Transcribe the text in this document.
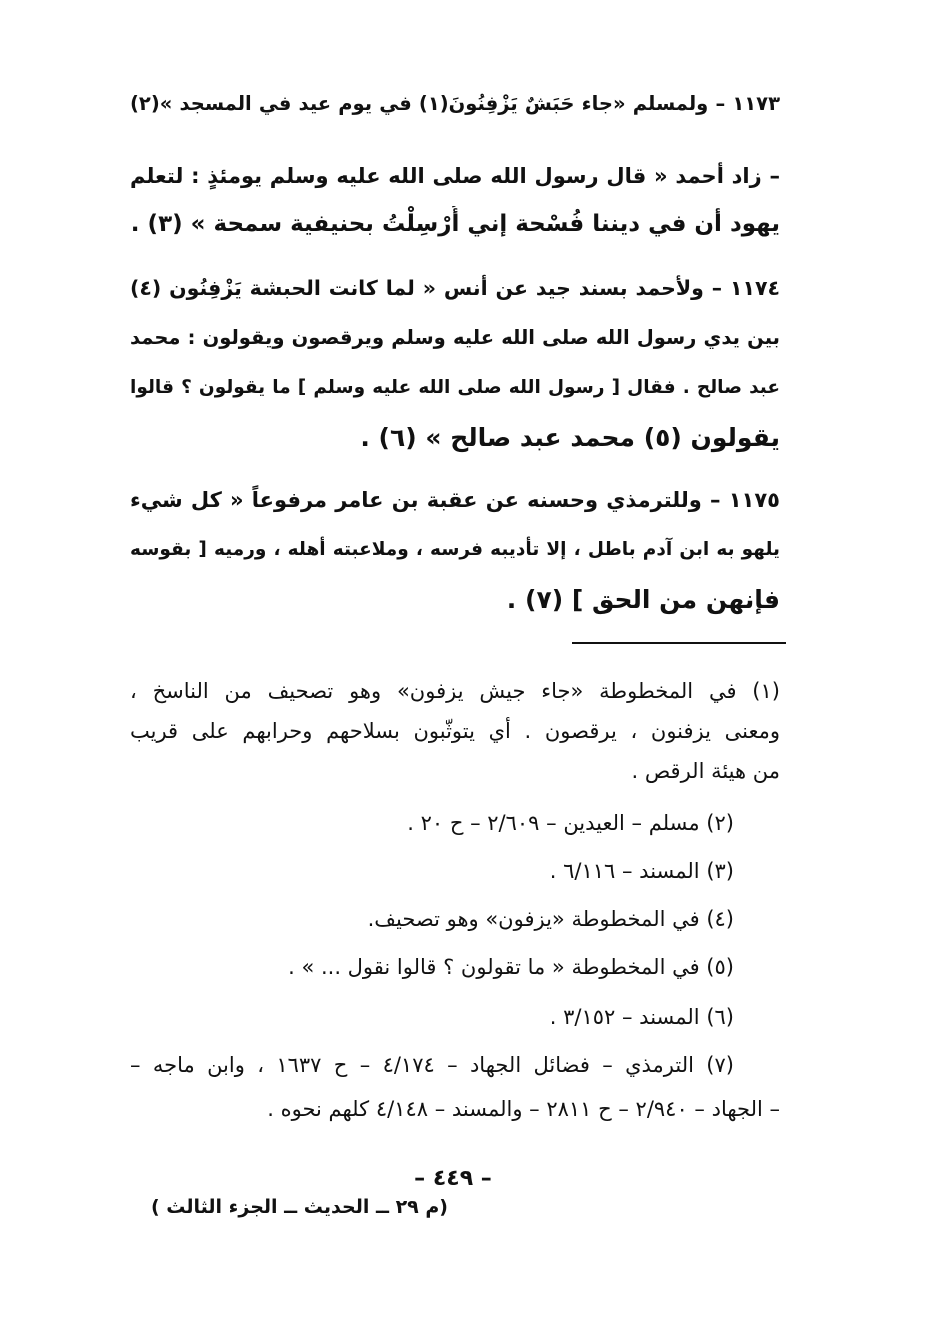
١١٧٣ – ولمسلم «جاء حَبَشٌ يَزْفِنُونَ(١) في يوم عيد في المسجد »(٢)
– زاد أحمد « قال رسول الله صلى الله عليه وسلم يومئذٍ : لتعلم
يهود أن في ديننا فُسْحة إني أُرْسِلْتُ بحنيفية سمحة » (٣) .
١١٧٤ – ولأحمد بسند جيد عن أنس « لما كانت الحبشة يَزْفِنُون (٤)
بين يدي رسول الله صلى الله عليه وسلم ويرقصون ويقولون : محمد
عبد صالح . فقال [ رسول الله صلى الله عليه وسلم ] ما يقولون ؟ قالوا
يقولون (٥) محمد عبد صالح » (٦) .
١١٧٥ – وللترمذي وحسنه عن عقبة بن عامر مرفوعاً « كل شيء
يلهو به ابن آدم باطل ، إلا تأديبه فرسه ، وملاعبته أهله ، ورميه [ بقوسه
فإنهن من الحق ] (٧) .
(١) في المخطوطة «جاء جيش يزفون» وهو تصحيف من الناسخ ،
ومعنى يزفنون ، يرقصون . أي يتوثّبون بسلاحهم وحرابهم على قريب
من هيئة الرقص .
(٢) مسلم – العيدين – ٢/٦٠٩ – ح ٢٠ .
(٣) المسند – ٦/١١٦ .
(٤) في المخطوطة «يزفون» وهو تصحيف.
(٥) في المخطوطة « ما تقولون ؟ قالوا نقول ... » .
(٦) المسند – ٣/١٥٢ .
(٧) الترمذي – فضائل الجهاد – ٤/١٧٤ – ح ١٦٣٧ ، وابن ماجه –
– الجهاد – ٢/٩٤٠ – ح ٢٨١١ – والمسند – ٤/١٤٨ كلهم نحوه .
– ٤٤٩ –
(م ٢٩ ــ الحديث ــ الجزء الثالث )
